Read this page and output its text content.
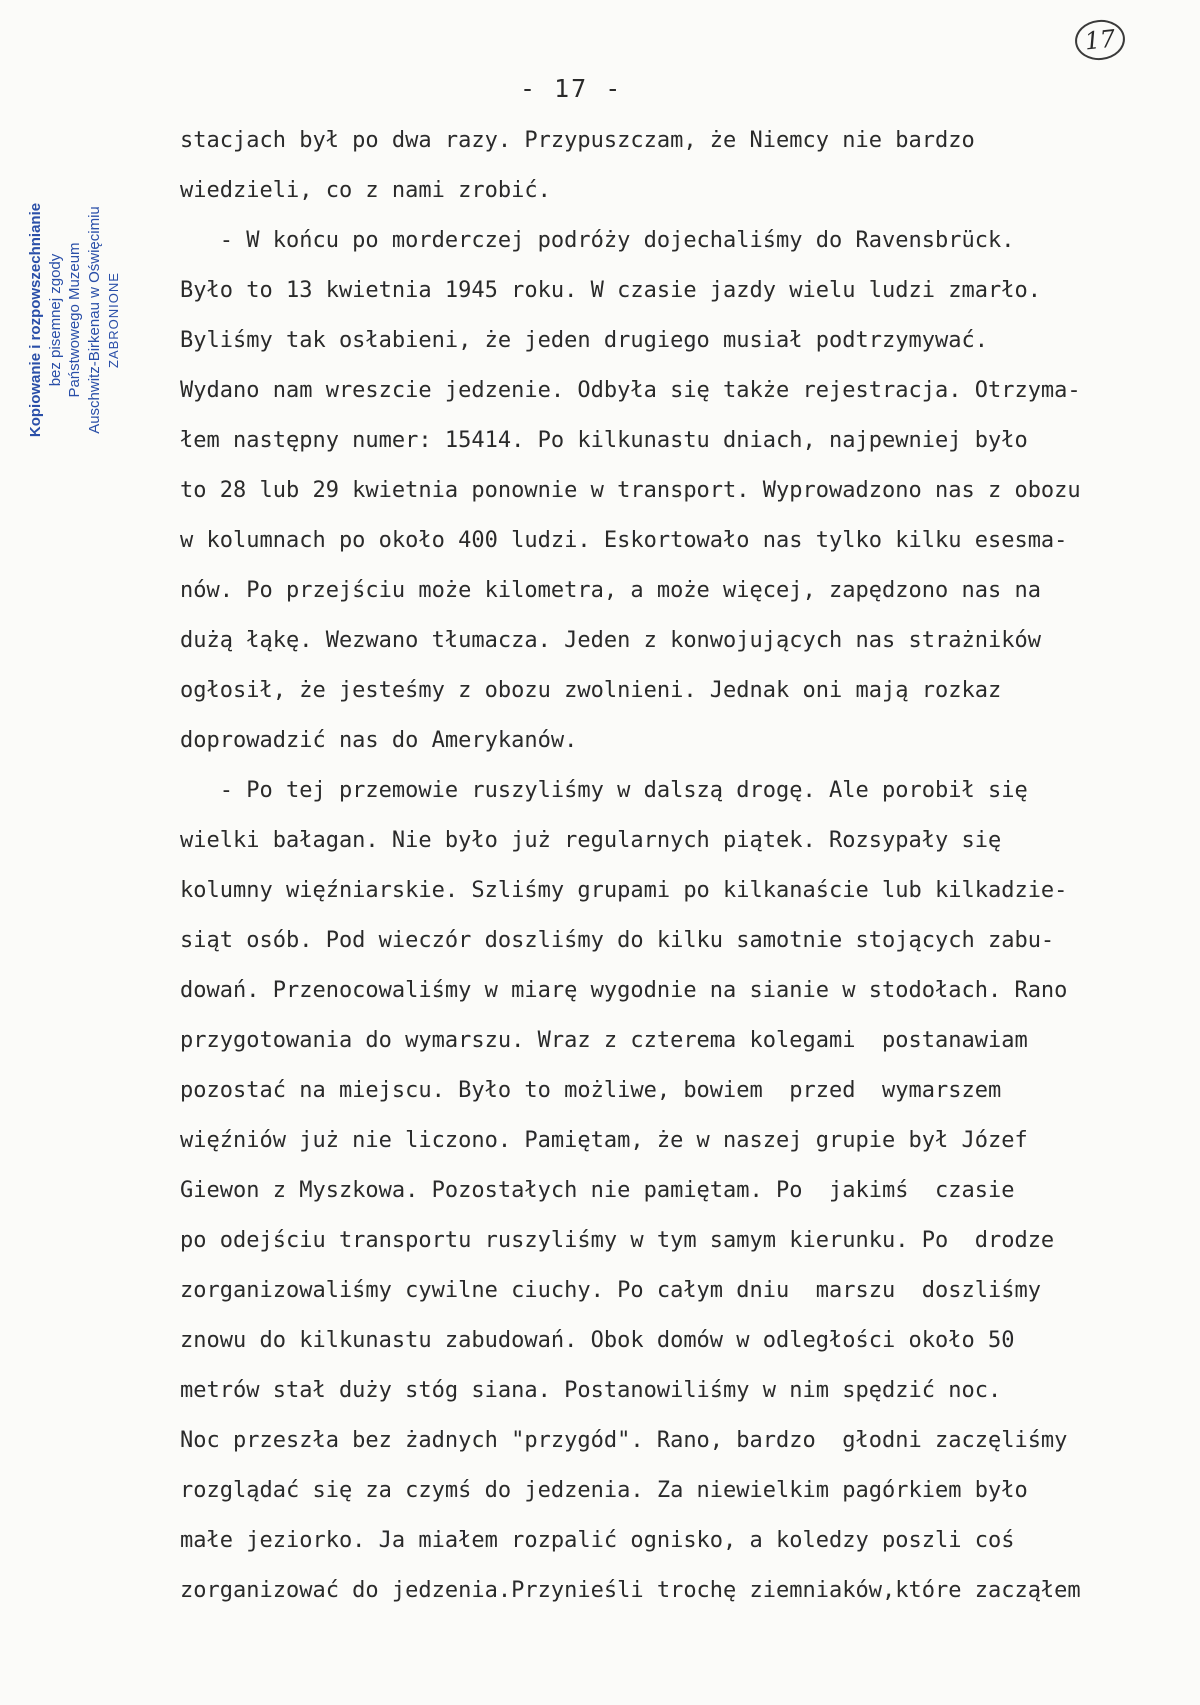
17
- 17 -
Kopiowanie i rozpowszechnianie bez pisemnej zgody Państwowego Muzeum Auschwitz-Birkenau w Oświęcimiu ZABRONIONE
stacjach był po dwa razy. Przypuszczam, że Niemcy nie bardzo
wiedzieli, co z nami zrobić.
- W końcu po morderczej podróży dojechaliśmy do Ravensbrück.
Było to 13 kwietnia 1945 roku. W czasie jazdy wielu ludzi zmarło.
Byliśmy tak osłabieni, że jeden drugiego musiał podtrzymywać.
Wydano nam wreszcie jedzenie. Odbyła się także rejestracja. Otrzyma-
łem następny numer: 15414. Po kilkunastu dniach, najpewniej było
to 28 lub 29 kwietnia ponownie w transport. Wyprowadzono nas z obozu
w kolumnach po około 400 ludzi. Eskortowało nas tylko kilku esesma-
nów. Po przejściu może kilometra, a może więcej, zapędzono nas na
dużą łąkę. Wezwano tłumacza. Jeden z konwojujących nas strażników
ogłosił, że jesteśmy z obozu zwolnieni. Jednak oni mają rozkaz
doprowadzić nas do Amerykanów.
- Po tej przemowie ruszyliśmy w dalszą drogę. Ale porobił się
wielki bałagan. Nie było już regularnych piątek. Rozsypały się
kolumny więźniarskie. Szliśmy grupami po kilkanaście lub kilkadzie-
siąt osób. Pod wieczór doszliśmy do kilku samotnie stojących zabu-
dowań. Przenocowaliśmy w miarę wygodnie na sianie w stodołach. Rano
przygotowania do wymarszu. Wraz z czterema kolegami  postanawiam
pozostać na miejscu. Było to możliwe, bowiem  przed  wymarszem
więźniów już nie liczono. Pamiętam, że w naszej grupie był Józef
Giewon z Myszkowa. Pozostałych nie pamiętam. Po  jakimś  czasie
po odejściu transportu ruszyliśmy w tym samym kierunku. Po  drodze
zorganizowaliśmy cywilne ciuchy. Po całym dniu  marszu  doszliśmy
znowu do kilkunastu zabudowań. Obok domów w odległości około 50
metrów stał duży stóg siana. Postanowiliśmy w nim spędzić noc.
Noc przeszła bez żadnych "przygód". Rano, bardzo  głodni zaczęliśmy
rozglądać się za czymś do jedzenia. Za niewielkim pagórkiem było
małe jeziorko. Ja miałem rozpalić ognisko, a koledzy poszli coś
zorganizować do jedzenia.Przynieśli trochę ziemniaków,które zacząłem
